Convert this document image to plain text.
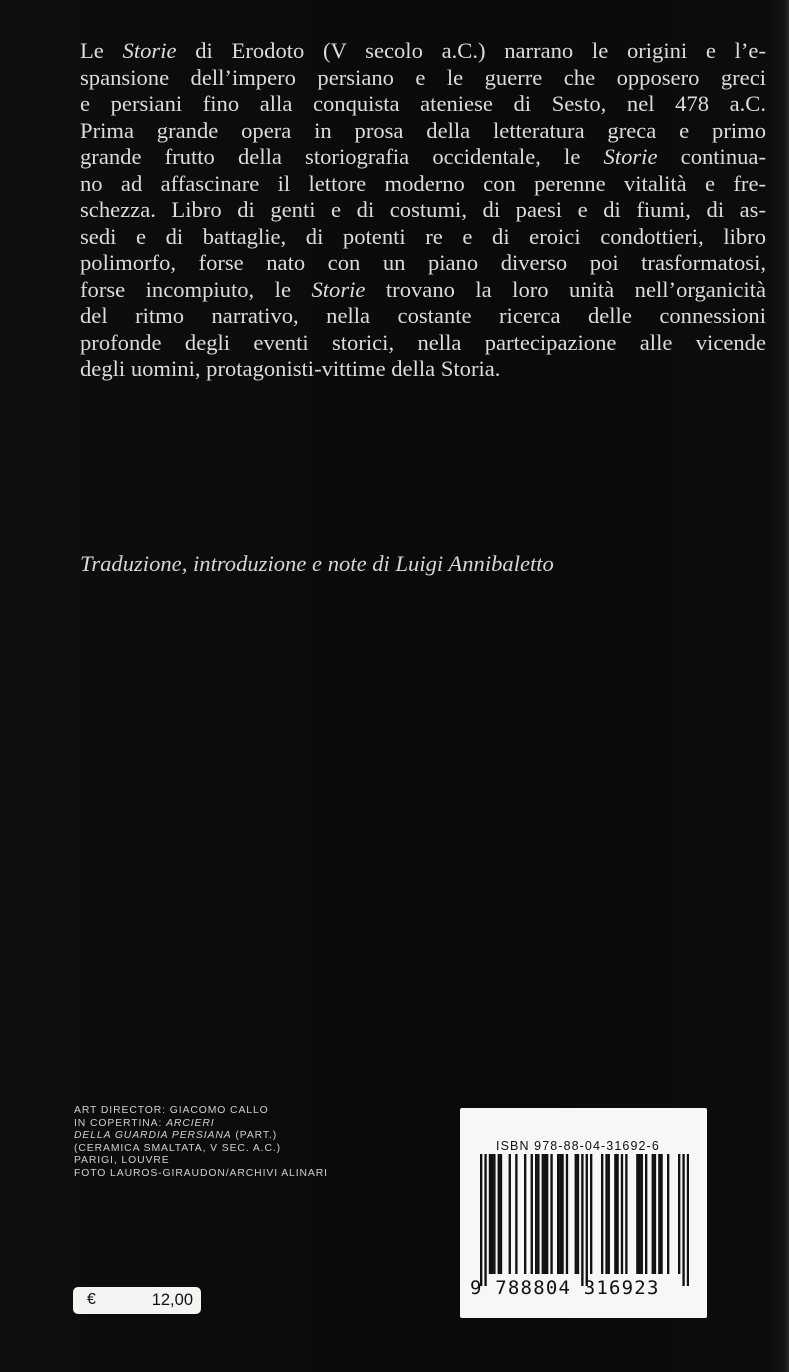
Le Storie di Erodoto (V secolo a.C.) narrano le origini e l’e-
spansione dell’impero persiano e le guerre che opposero greci
e persiani fino alla conquista ateniese di Sesto, nel 478 a.C.
Prima grande opera in prosa della letteratura greca e primo
grande frutto della storiografia occidentale, le Storie continua-
no ad affascinare il lettore moderno con perenne vitalità e fre-
schezza. Libro di genti e di costumi, di paesi e di fiumi, di as-
sedi e di battaglie, di potenti re e di eroici condottieri, libro
polimorfo, forse nato con un piano diverso poi trasformatosi,
forse incompiuto, le Storie trovano la loro unità nell’organicità
del ritmo narrativo, nella costante ricerca delle connessioni
profonde degli eventi storici, nella partecipazione alle vicende
degli uomini, protagonisti-vittime della Storia.
Traduzione, introduzione e note di Luigi Annibaletto
ART DIRECTOR: GIACOMO CALLO
IN COPERTINA: ARCIERI
DELLA GUARDIA PERSIANA (PART.)
(CERAMICA SMALTATA, V SEC. A.C.)
PARIGI, LOUVRE
FOTO LAUROS-GIRAUDON/ARCHIVI ALINARI
ISBN 978-88-04-31692-6
9 788804 316923
€	12,00
